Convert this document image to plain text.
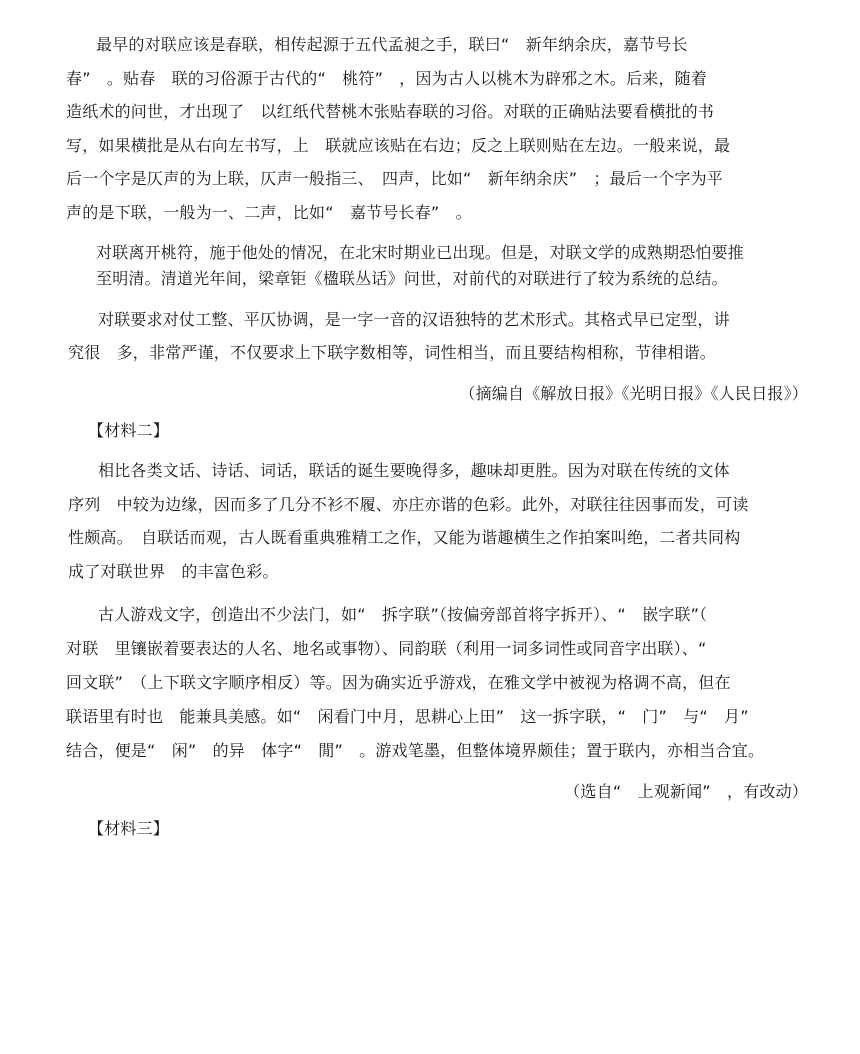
最早的对联应该是春联，相传起源于五代孟昶之手，联曰“　新年纳余庆，嘉节号长
春”　。贴春　联的习俗源于古代的“　桃符”　，因为古人以桃木为辟邪之木。后来，随着
造纸术的问世，才出现了　以红纸代替桃木张贴春联的习俗。对联的正确贴法要看横批的书
写，如果横批是从右向左书写，上　联就应该贴在右边；反之上联则贴在左边。一般来说，最
后一个字是仄声的为上联，仄声一般指三、　四声，比如“　新年纳余庆”　；最后一个字为平
声的是下联，一般为一、二声，比如“　嘉节号长春”　。
对联离开桃符，施于他处的情况，在北宋时期业已出现。但是，对联文学的成熟期恐怕要推
至明清。清道光年间，梁章钜《楹联丛话》问世，对前代的对联进行了较为系统的总结。
对联要求对仗工整、平仄协调，是一字一音的汉语独特的艺术形式。其格式早已定型，讲
究很　多，非常严谨，不仅要求上下联字数相等，词性相当，而且要结构相称，节律相谐。
（摘编自《解放日报》《光明日报》《人民日报》）
【材料二】
相比各类文话、诗话、词话，联话的诞生要晚得多，趣味却更胜。因为对联在传统的文体
序列　中较为边缘，因而多了几分不衫不履、亦庄亦谐的色彩。此外，对联往往因事而发，可读
性颇高。　自联话而观，古人既看重典雅精工之作，又能为谐趣横生之作拍案叫绝，二者共同构
成了对联世界　的丰富色彩。
古人游戏文字，创造出不少法门，如“　拆字联”（按偏旁部首将字拆开）、“　嵌字联”（
对联　里镶嵌着要表达的人名、地名或事物）、同韵联（利用一词多词性或同音字出联）、“
回文联”　（上下联文字顺序相反）等。因为确实近乎游戏，在雅文学中被视为格调不高，但在
联语里有时也　能兼具美感。如“　闲看门中月，思耕心上田”　这一拆字联，“　门”　与“　月”
结合，便是“　闲”　的异　体字“　閒”　。游戏笔墨，但整体境界颇佳；置于联内，亦相当合宜。
（选自“　上观新闻”　，有改动）
【材料三】
